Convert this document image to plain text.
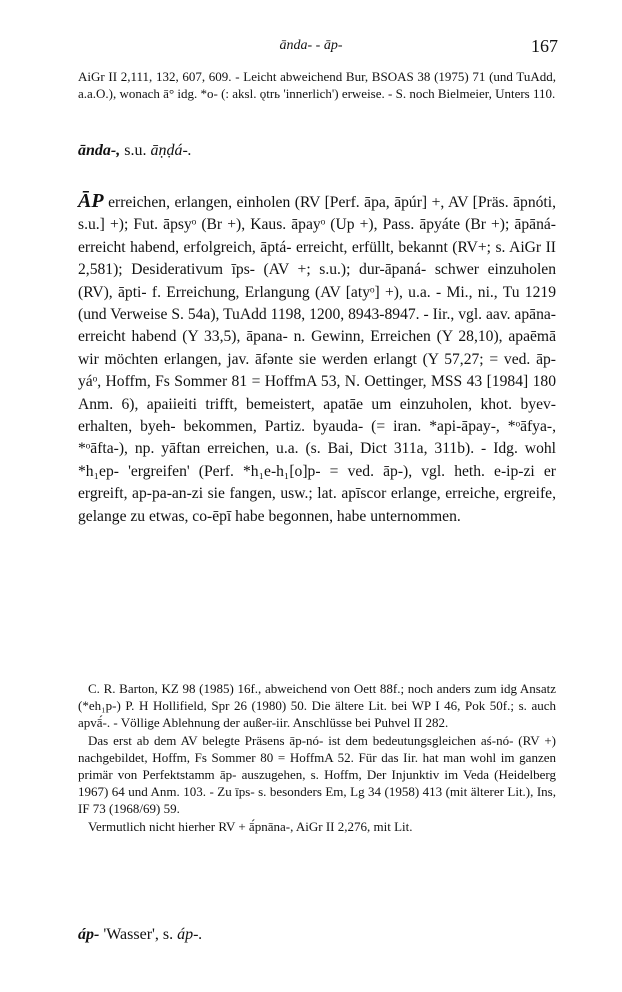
ānda- - āp-	167
AiGr II 2,111, 132, 607, 609. - Leicht abweichend Bur, BSOAS 38 (1975) 71 (und TuAdd, a.a.O.), wonach ā° idg. *o- (: aksl. ǫtrь 'innerlich') erweise. - S. noch Bielmeier, Unters 110.
ānda-, s.u. āṇḍá-.
ĀP erreichen, erlangen, einholen (RV [Perf. āpa, āpúr] +, AV [Präs. āpnóti, s.u.] +); Fut. āpsyᵒ (Br +), Kaus. āpayᵒ (Up +), Pass. āpyáte (Br +); āpāná- erreicht habend, erfolgreich, āptá- erreicht, erfüllt, bekannt (RV+; s. AiGr II 2,581); Desiderativum īps- (AV +; s.u.); dur-āpaná- schwer einzuholen (RV), āpti- f. Erreichung, Erlangung (AV [atyᵒ] +), u.a. - Mi., ni., Tu 1219 (und Verweise S. 54a), TuAdd 1198, 1200, 8943-8947. - Iir., vgl. aav. apāna- erreicht habend (Y 33,5), āpana- n. Gewinn, Erreichen (Y 28,10), apaēmā wir möchten erlangen, jav. āfənte sie werden erlangt (Y 57,27; = ved. āp-yáᵒ, Hoffm, Fs Sommer 81 = HoffmA 53, N. Oettinger, MSS 43 [1984] 180 Anm. 6), apaiieiti trifft, bemeistert, apatāe um einzuholen, khot. byev- erhalten, byeh- bekommen, Partiz. byauda- (= iran. *api-āpay-, *ᵒāfya-, *ᵒāfta-), np. yāftan erreichen, u.a. (s. Bai, Dict 311a, 311b). - Idg. wohl *h₁ep- 'ergreifen' (Perf. *h₁e-h₁[o]p- = ved. āp-), vgl. heth. e-ip-zi er ergreift, ap-pa-an-zi sie fangen, usw.; lat. apīscor erlange, erreiche, ergreife, gelange zu etwas, co-ēpī habe begonnen, habe unternommen.

C. R. Barton, KZ 98 (1985) 16f., abweichend von Oett 88f.; noch anders zum idg Ansatz (*eh₁p-) P. H Hollifield, Spr 26 (1980) 50. Die ältere Lit. bei WP I 46, Pok 50f.; s. auch apvā́-. - Völlige Ablehnung der außer-iir. Anschlüsse bei Puhvel II 282.

Das erst ab dem AV belegte Präsens āp-nó- ist dem bedeutungsgleichen aś-nó- (RV +) nachgebildet, Hoffm, Fs Sommer 80 = HoffmA 52. Für das Iir. hat man wohl im ganzen primär von Perfektstamm āp- auszugehen, s. Hoffm, Der Injunktiv im Veda (Heidelberg 1967) 64 und Anm. 103. - Zu īps- s. besonders Em, Lg 34 (1958) 413 (mit älterer Lit.), Ins, IF 73 (1968/69) 59.

Vermutlich nicht hierher RV + ā́pnāna-, AiGr II 2,276, mit Lit.

áp- 'Wasser', s. áp-.
